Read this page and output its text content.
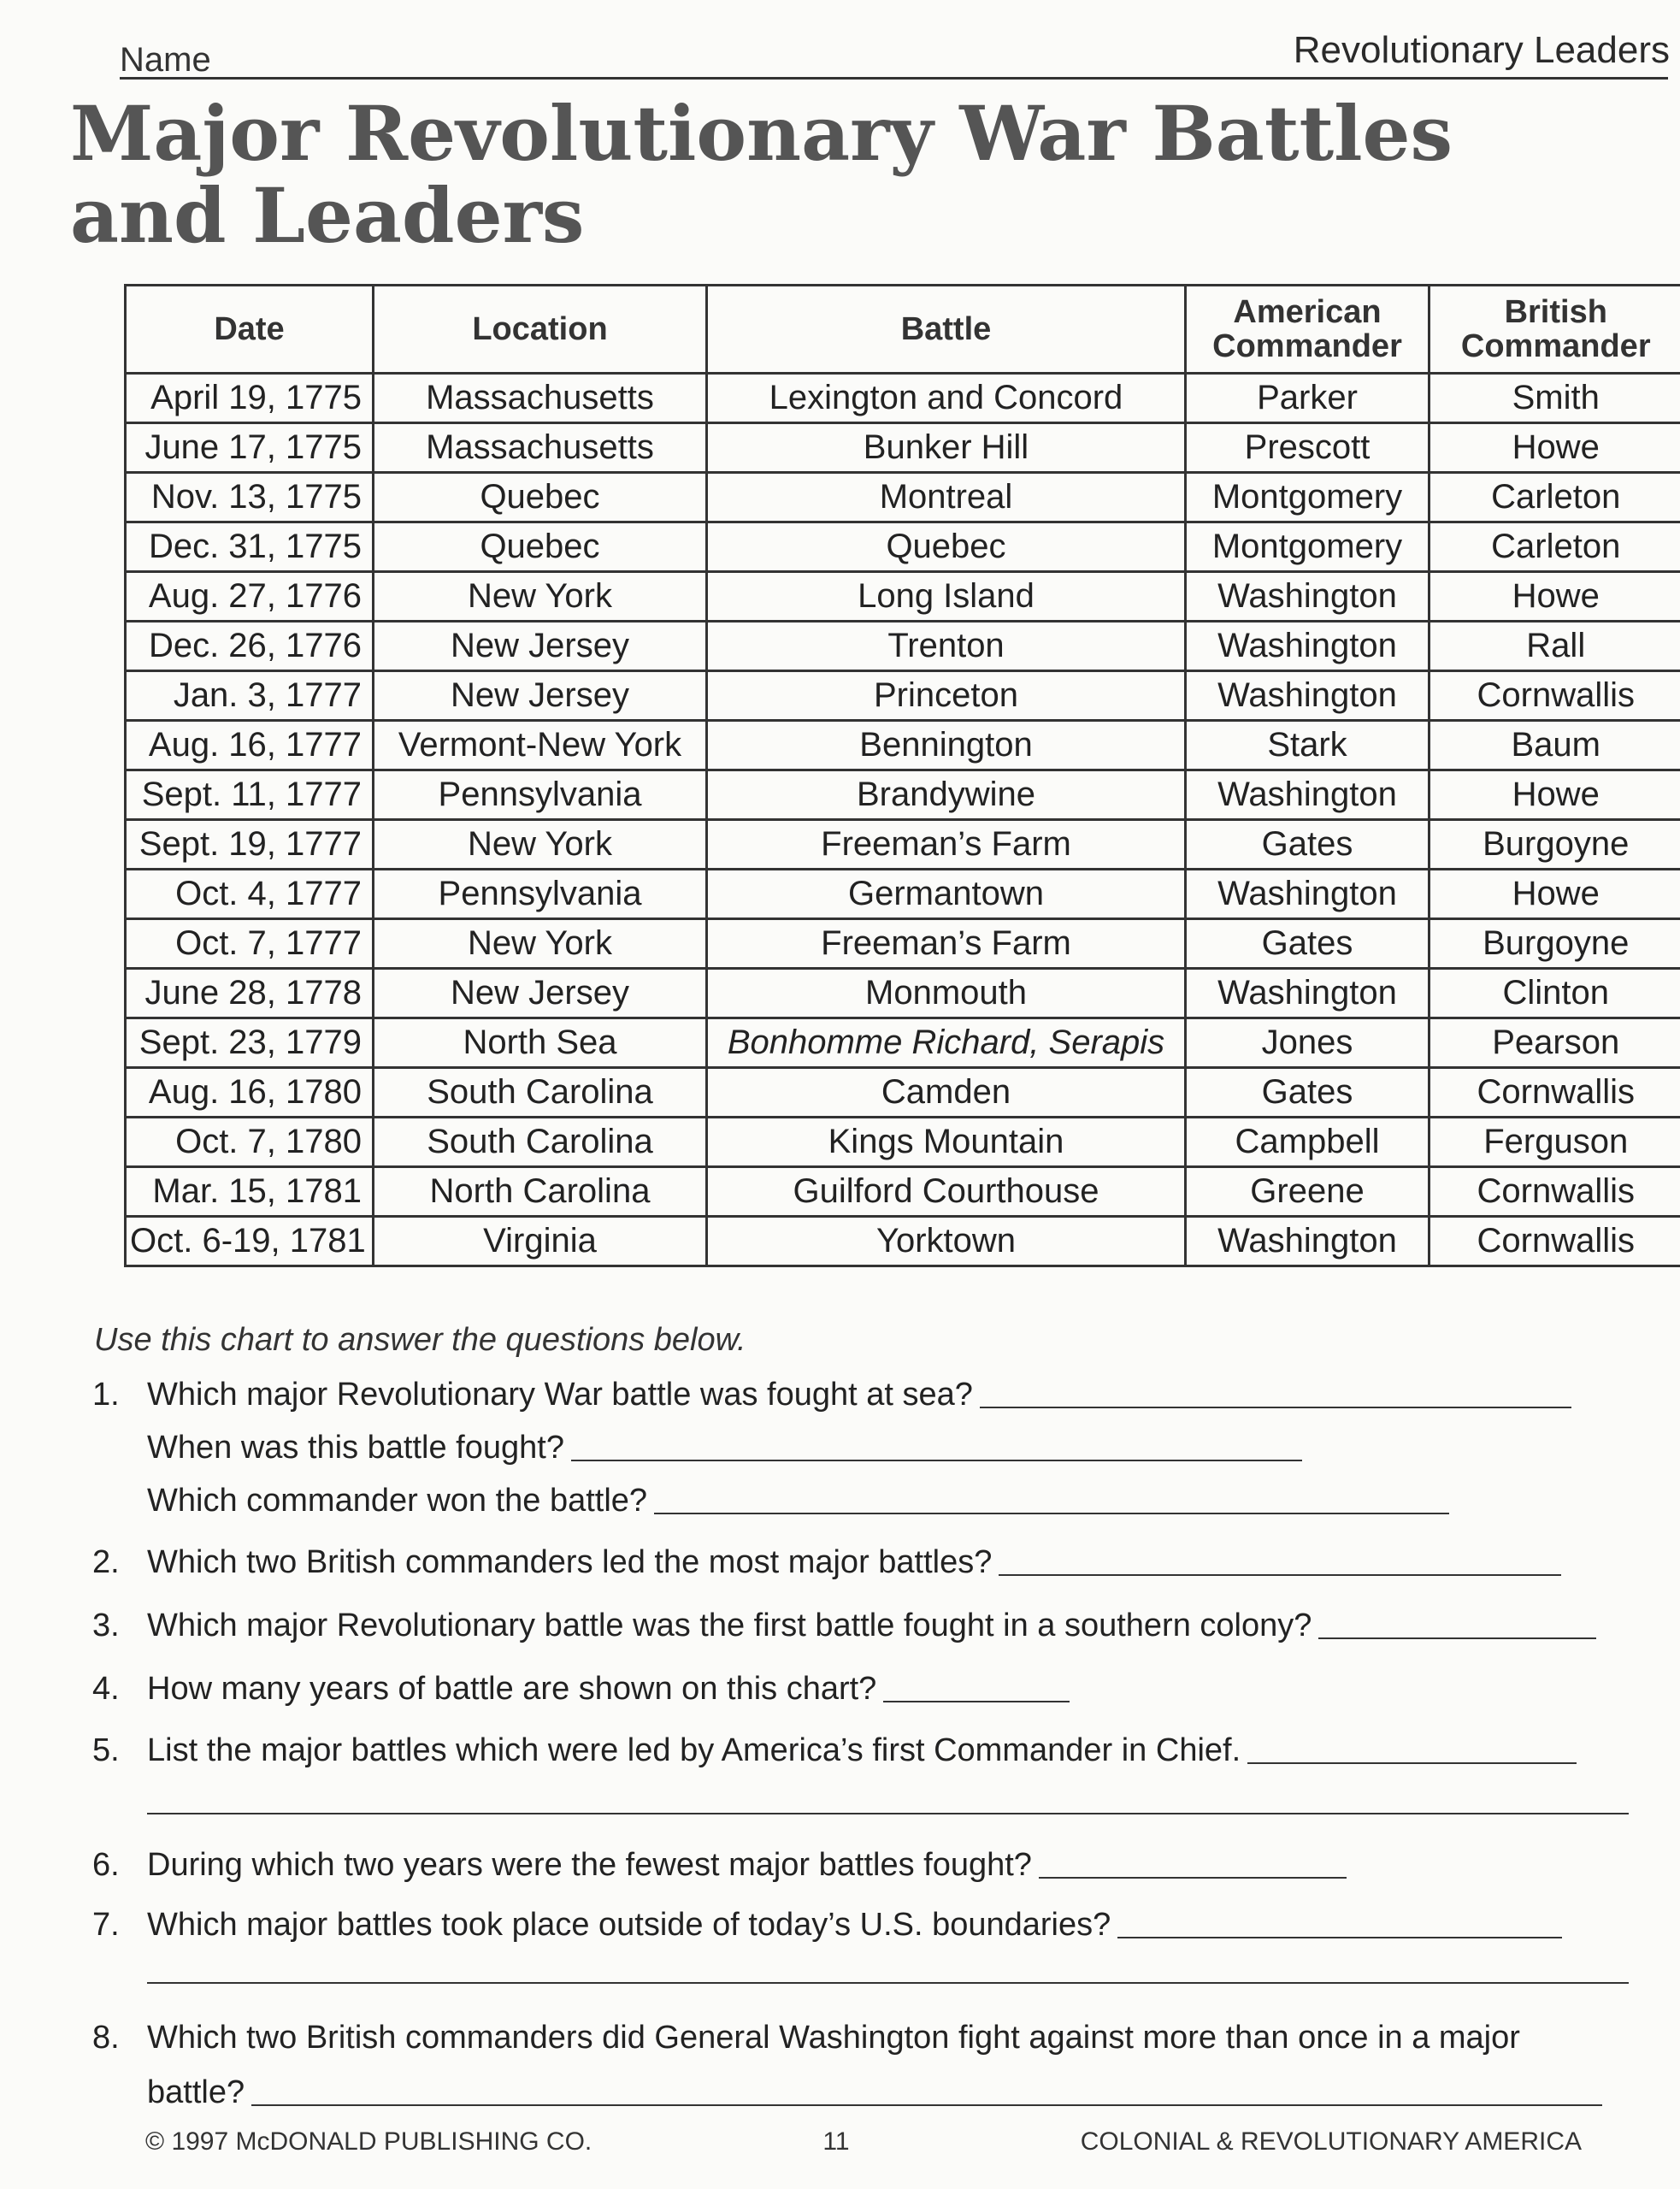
Name	Revolutionary Leaders
Major Revolutionary War Battles and Leaders
Date	Location	Battle	American Commander	British Commander
April 19, 1775	Massachusetts	Lexington and Concord	Parker	Smith
June 17, 1775	Massachusetts	Bunker Hill	Prescott	Howe
Nov. 13, 1775	Quebec	Montreal	Montgomery	Carleton
Dec. 31, 1775	Quebec	Quebec	Montgomery	Carleton
Aug. 27, 1776	New York	Long Island	Washington	Howe
Dec. 26, 1776	New Jersey	Trenton	Washington	Rall
Jan. 3, 1777	New Jersey	Princeton	Washington	Cornwallis
Aug. 16, 1777	Vermont-New York	Bennington	Stark	Baum
Sept. 11, 1777	Pennsylvania	Brandywine	Washington	Howe
Sept. 19, 1777	New York	Freeman’s Farm	Gates	Burgoyne
Oct. 4, 1777	Pennsylvania	Germantown	Washington	Howe
Oct. 7, 1777	New York	Freeman’s Farm	Gates	Burgoyne
June 28, 1778	New Jersey	Monmouth	Washington	Clinton
Sept. 23, 1779	North Sea	Bonhomme Richard, Serapis	Jones	Pearson
Aug. 16, 1780	South Carolina	Camden	Gates	Cornwallis
Oct. 7, 1780	South Carolina	Kings Mountain	Campbell	Ferguson
Mar. 15, 1781	North Carolina	Guilford Courthouse	Greene	Cornwallis
Oct. 6-19, 1781	Virginia	Yorktown	Washington	Cornwallis
Use this chart to answer the questions below.
1. Which major Revolutionary War battle was fought at sea?
When was this battle fought?
Which commander won the battle?
2. Which two British commanders led the most major battles?
3. Which major Revolutionary battle was the first battle fought in a southern colony?
4. How many years of battle are shown on this chart?
5. List the major battles which were led by America’s first Commander in Chief.
6. During which two years were the fewest major battles fought?
7. Which major battles took place outside of today’s U.S. boundaries?
8. Which two British commanders did General Washington fight against more than once in a major
battle?
© 1997 McDONALD PUBLISHING CO.	11	COLONIAL & REVOLUTIONARY AMERICA
